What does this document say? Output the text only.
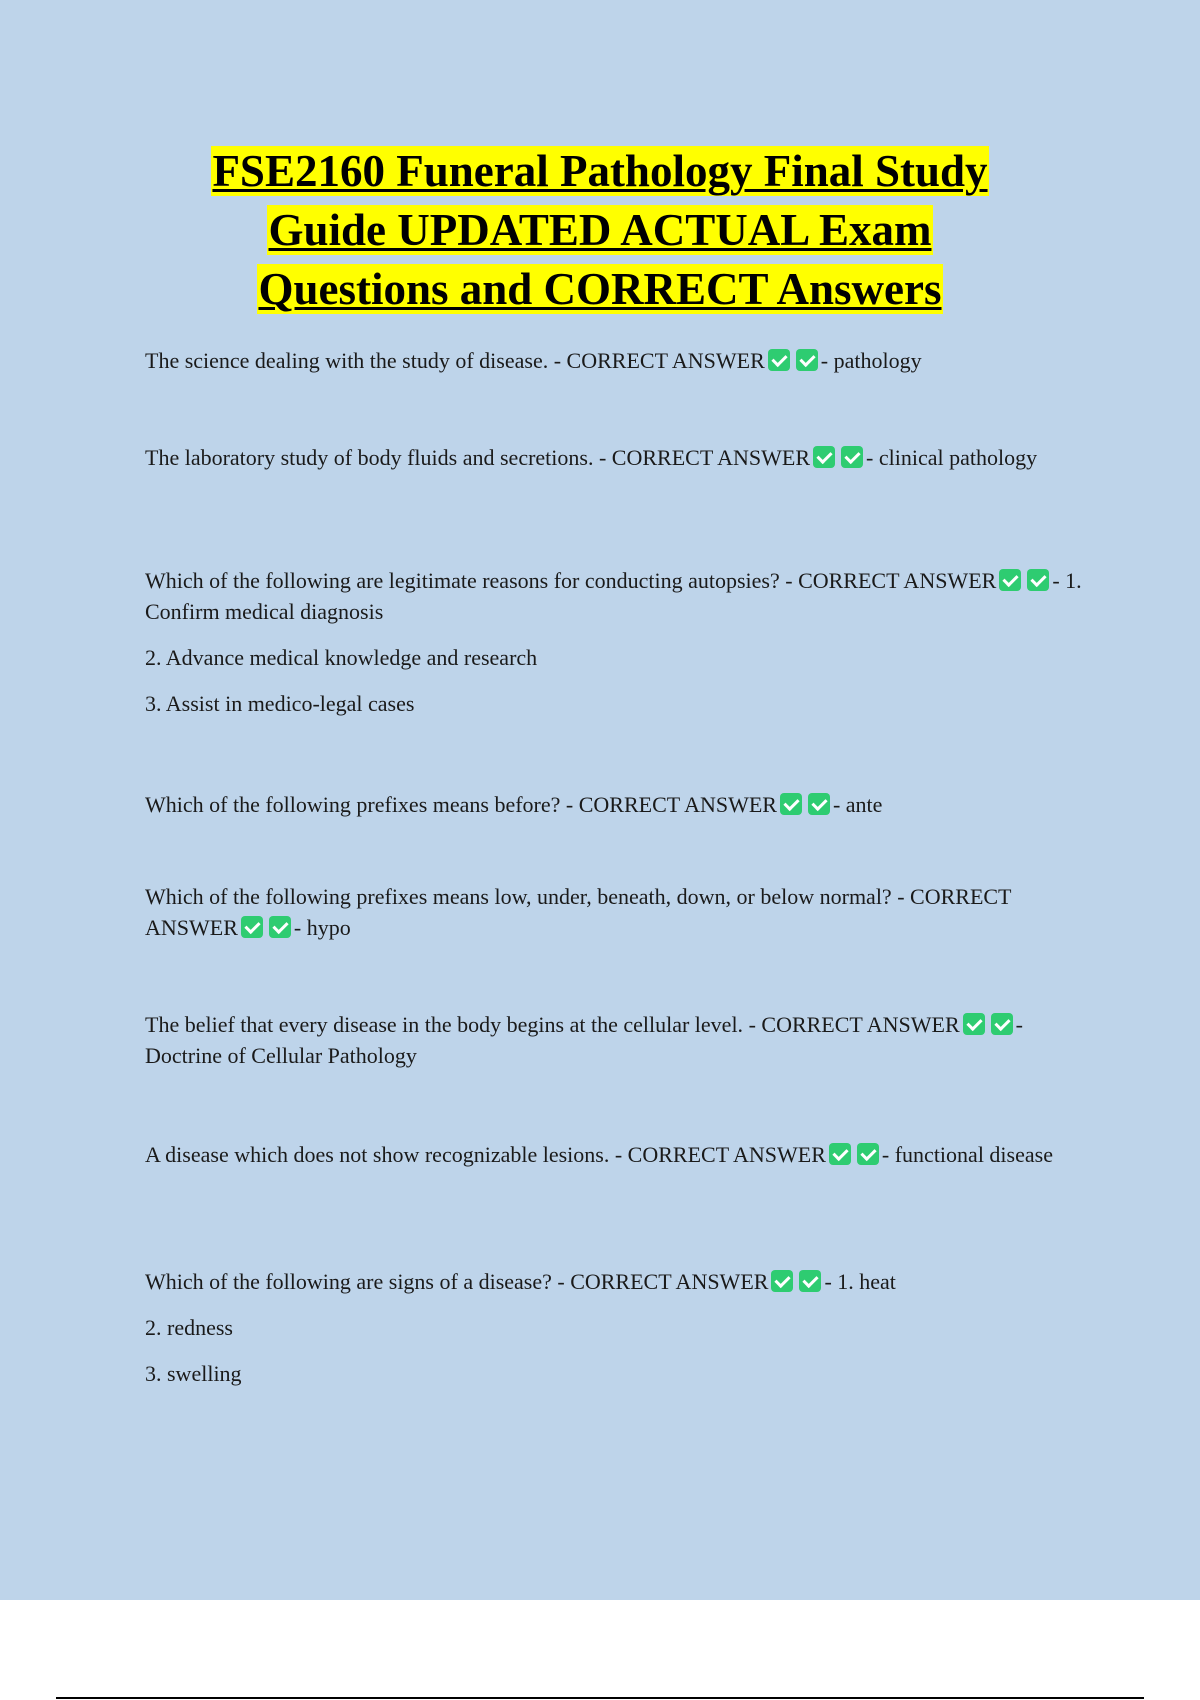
FSE2160 Funeral Pathology Final Study
Guide UPDATED ACTUAL Exam
Questions and CORRECT Answers

The science dealing with the study of disease. - CORRECT ANSWER	- pathology

The laboratory study of body fluids and secretions. - CORRECT ANSWER	- clinical pathology

Which of the following are legitimate reasons for conducting autopsies? - CORRECT ANSWER	- 1. Confirm medical diagnosis

2. Advance medical knowledge and research

3. Assist in medico-legal cases

Which of the following prefixes means before? - CORRECT ANSWER	- ante

Which of the following prefixes means low, under, beneath, down, or below normal? - CORRECT ANSWER	- hypo

The belief that every disease in the body begins at the cellular level. - CORRECT ANSWER	- Doctrine of Cellular Pathology

A disease which does not show recognizable lesions. - CORRECT ANSWER	- functional disease

Which of the following are signs of a disease? - CORRECT ANSWER	- 1. heat

2. redness

3. swelling
